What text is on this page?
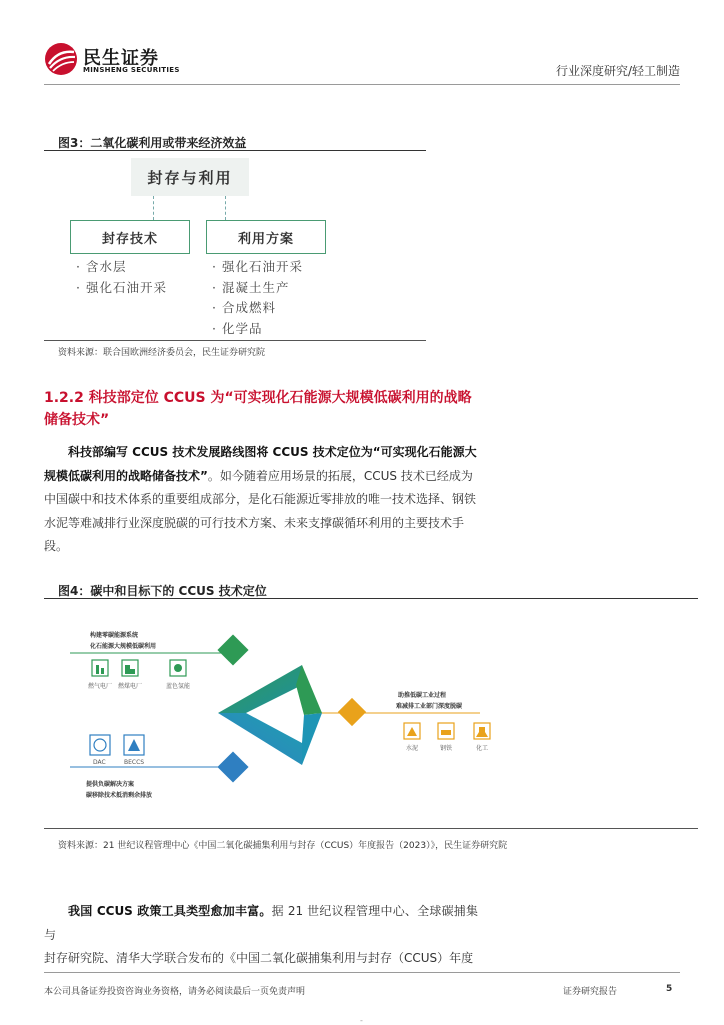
民生证券
MINSHENG SECURITIES	行业深度研究/轻工制造
图3：二氧化碳利用或带来经济效益
封存与利用
封存技术	利用方案
· 含水层
· 强化石油开采
· 强化石油开采
· 混凝土生产
· 合成燃料
· 化学品
资料来源：联合国欧洲经济委员会，民生证券研究院
1.2.2 科技部定位 CCUS 为“可实现化石能源大规模低碳利用的战略
储备技术”
科技部编写 CCUS 技术发展路线图将 CCUS 技术定位为“可实现化石能源大
规模低碳利用的战略储备技术”。如今随着应用场景的拓展，CCUS 技术已经成为
中国碳中和技术体系的重要组成部分，是化石能源近零排放的唯一技术选择、钢铁
水泥等难减排行业深度脱碳的可行技术方案、未来支撑碳循环利用的主要技术手
段。
图4：碳中和目标下的 CCUS 技术定位
CCUS
构建零碳能源系统
化石能源大规模低碳利用
燃气电厂 燃煤电厂	蓝色氢能
助推低碳工业过程
难减排工业部门深度脱碳
水泥	钢铁	化工
DAC	BECCS
提供负碳解决方案
碳移除技术抵消剩余排放
资料来源：21 世纪议程管理中心《中国二氧化碳捕集利用与封存（CCUS）年度报告（2023）》，民生证券研究院
我国 CCUS 政策工具类型愈加丰富。据 21 世纪议程管理中心、全球碳捕集与
封存研究院、清华大学联合发布的《中国二氧化碳捕集利用与封存（CCUS）年度
本公司具备证券投资咨询业务资格，请务必阅读最后一页免责声明	证券研究报告	5
-
